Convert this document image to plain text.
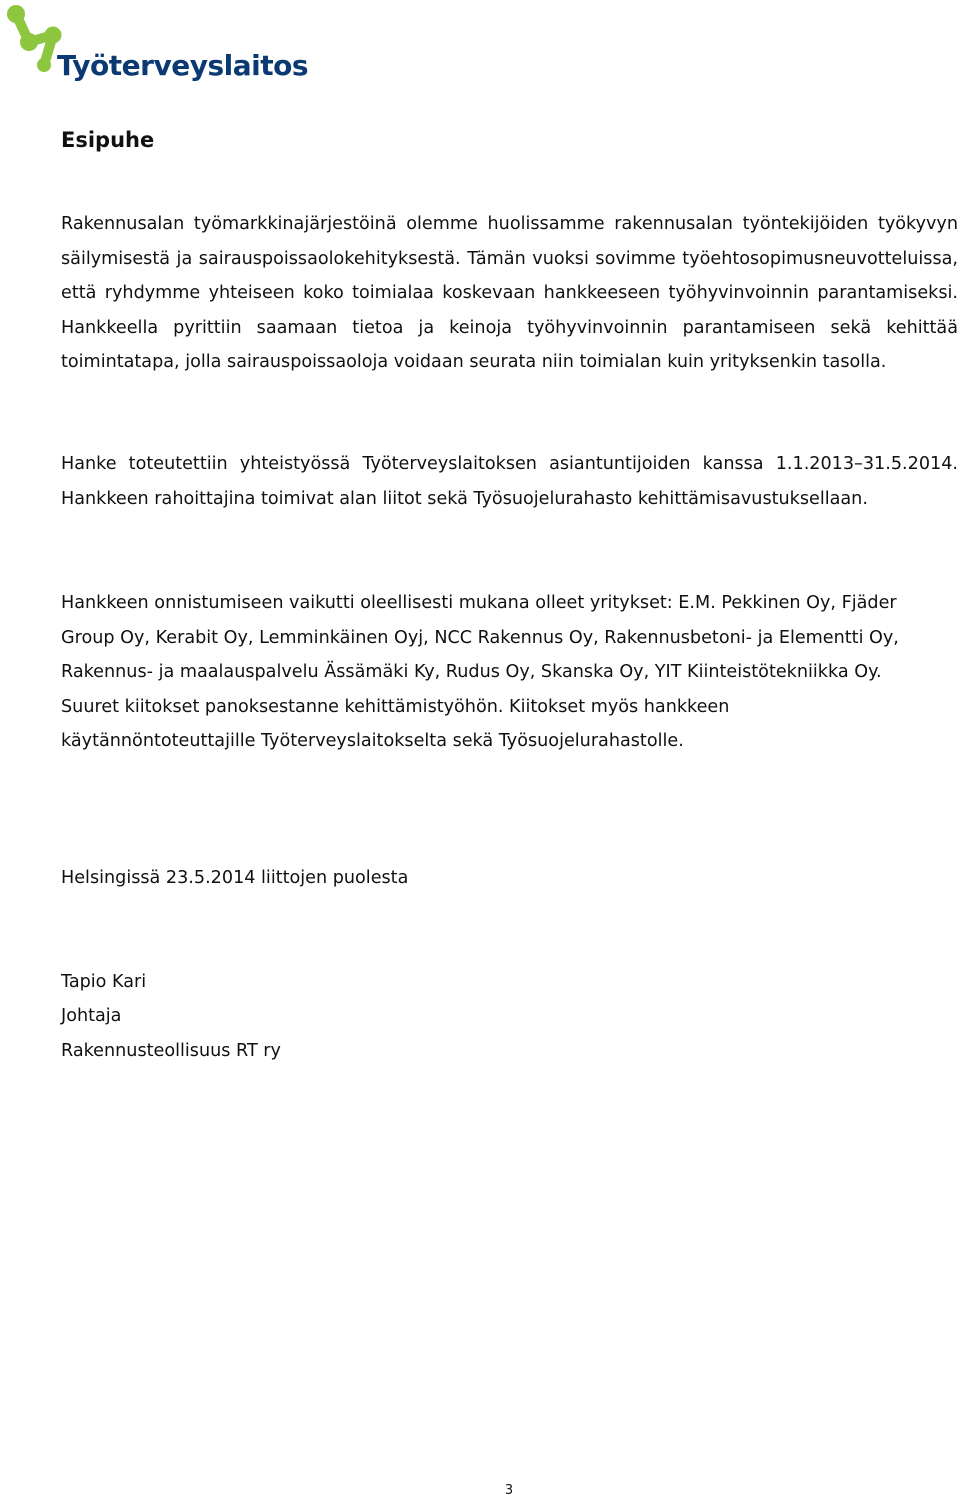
Työterveyslaitos
Esipuhe

Rakennusalan työmarkkinajärjestöinä olemme huolissamme rakennusalan työntekijöiden työkyvyn säilymisestä ja sairauspoissaolokehityksestä. Tämän vuoksi sovimme työehtosopimusneuvotteluissa, että ryhdymme yhteiseen koko toimialaa koskevaan hankkeeseen työhyvinvoinnin parantamiseksi. Hankkeella pyrittiin saamaan tietoa ja keinoja työhyvinvoinnin parantamiseen sekä kehittää toimintatapa, jolla sairauspoissaoloja voidaan seurata niin toimialan kuin yrityksenkin tasolla.

Hanke toteutettiin yhteistyössä Työterveyslaitoksen asiantuntijoiden kanssa 1.1.2013–31.5.2014. Hankkeen rahoittajina toimivat alan liitot sekä Työsuojelurahasto kehittämisavustuksellaan.

Hankkeen onnistumiseen vaikutti oleellisesti mukana olleet yritykset: E.M. Pekkinen Oy, Fjäder Group Oy, Kerabit Oy, Lemminkäinen Oyj, NCC Rakennus Oy, Rakennusbetoni- ja Elementti Oy, Rakennus- ja maalauspalvelu Ässämäki Ky, Rudus Oy, Skanska Oy, YIT Kiinteistötekniikka Oy. Suuret kiitokset panoksestanne kehittämistyöhön. Kiitokset myös hankkeen käytännöntoteuttajille Työterveyslaitokselta sekä Työsuojelurahastolle.

Helsingissä 23.5.2014 liittojen puolesta

Tapio Kari

Johtaja

Rakennusteollisuus RT ry

3
